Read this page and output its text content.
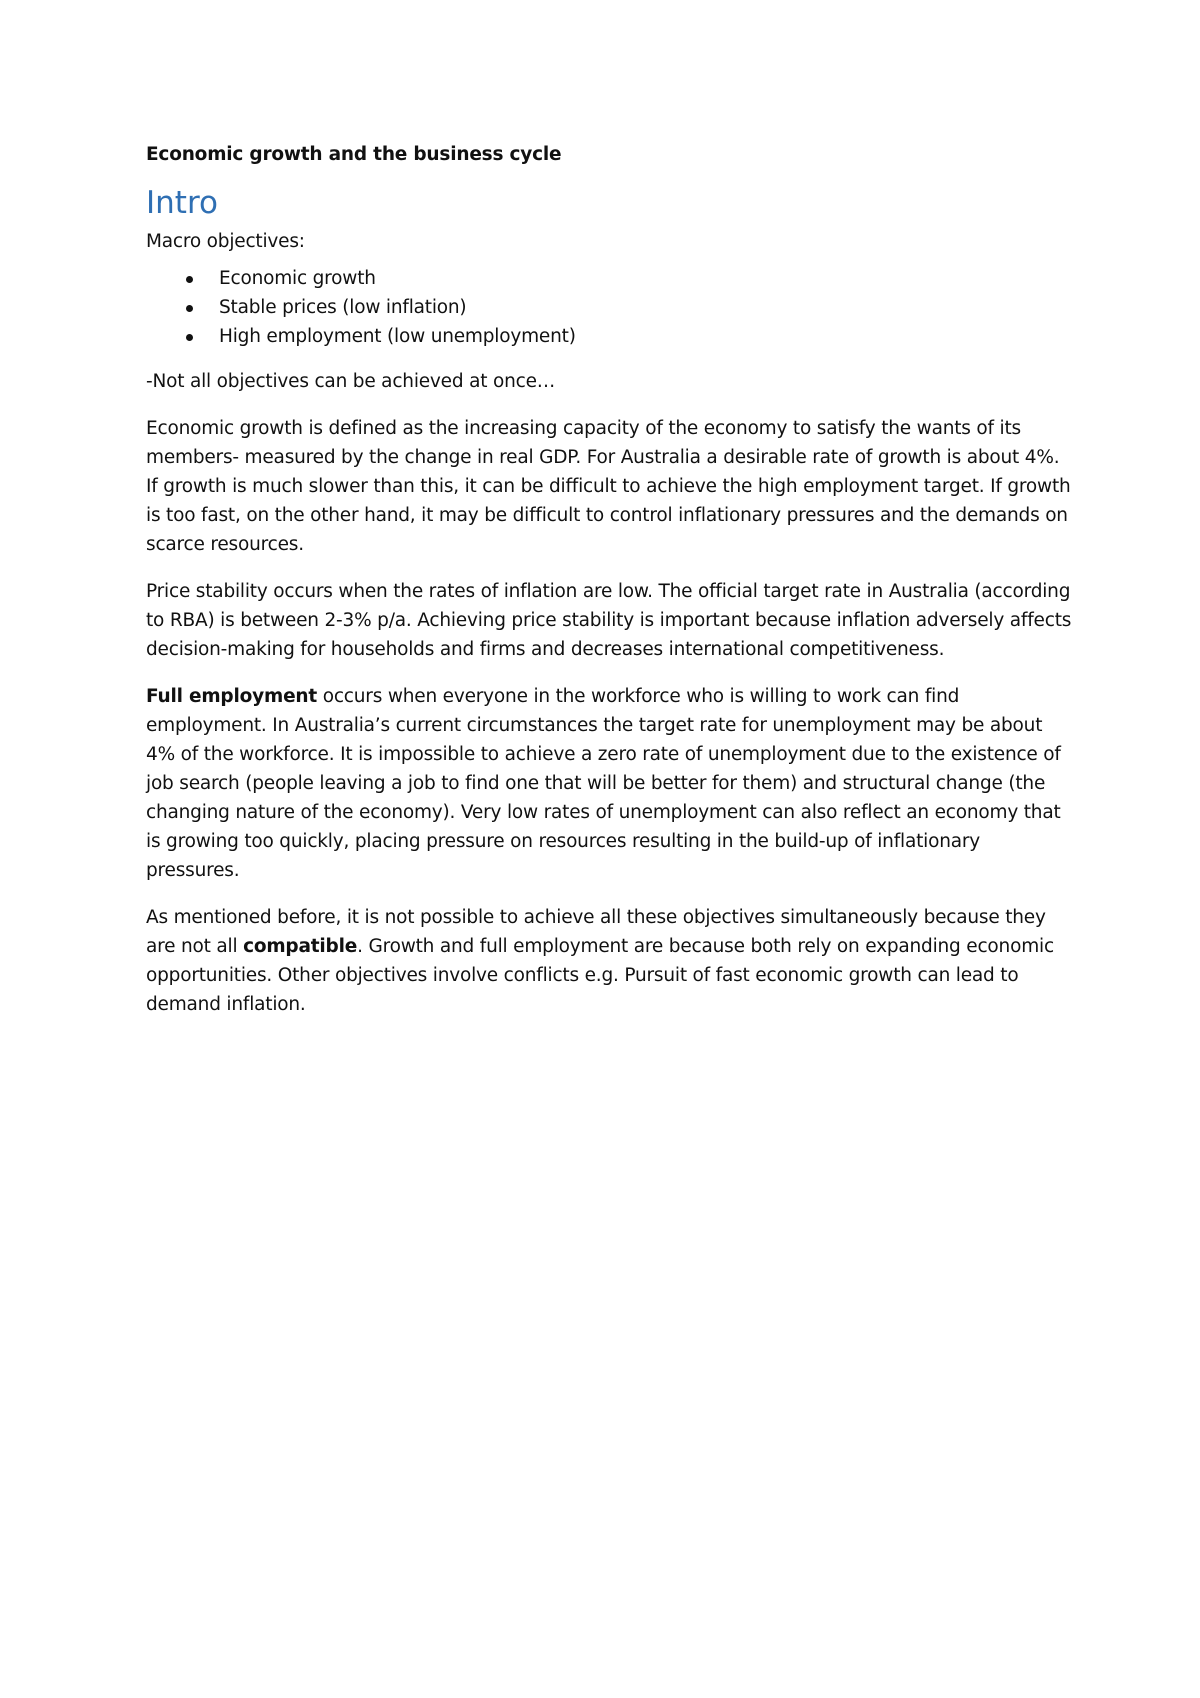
Economic growth and the business cycle
Intro

Macro objectives:

Economic growth
Stable prices (low inflation)
High employment (low unemployment)

-Not all objectives can be achieved at once…

Economic growth is defined as the increasing capacity of the economy to satisfy the wants of its members- measured by the change in real GDP. For Australia a desirable rate of growth is about 4%. If growth is much slower than this, it can be difficult to achieve the high employment target. If growth is too fast, on the other hand, it may be difficult to control inflationary pressures and the demands on scarce resources.

Price stability occurs when the rates of inflation are low. The official target rate in Australia (according to RBA) is between 2-3% p/a. Achieving price stability is important because inflation adversely affects decision-making for households and firms and decreases international competitiveness.

Full employment occurs when everyone in the workforce who is willing to work can find employment. In Australia’s current circumstances the target rate for unemployment may be about 4% of the workforce. It is impossible to achieve a zero rate of unemployment due to the existence of job search (people leaving a job to find one that will be better for them) and structural change (the changing nature of the economy). Very low rates of unemployment can also reflect an economy that is growing too quickly, placing pressure on resources resulting in the build-up of inflationary pressures.

As mentioned before, it is not possible to achieve all these objectives simultaneously because they are not all compatible. Growth and full employment are because both rely on expanding economic opportunities. Other objectives involve conflicts e.g. Pursuit of fast economic growth can lead to demand inflation.
